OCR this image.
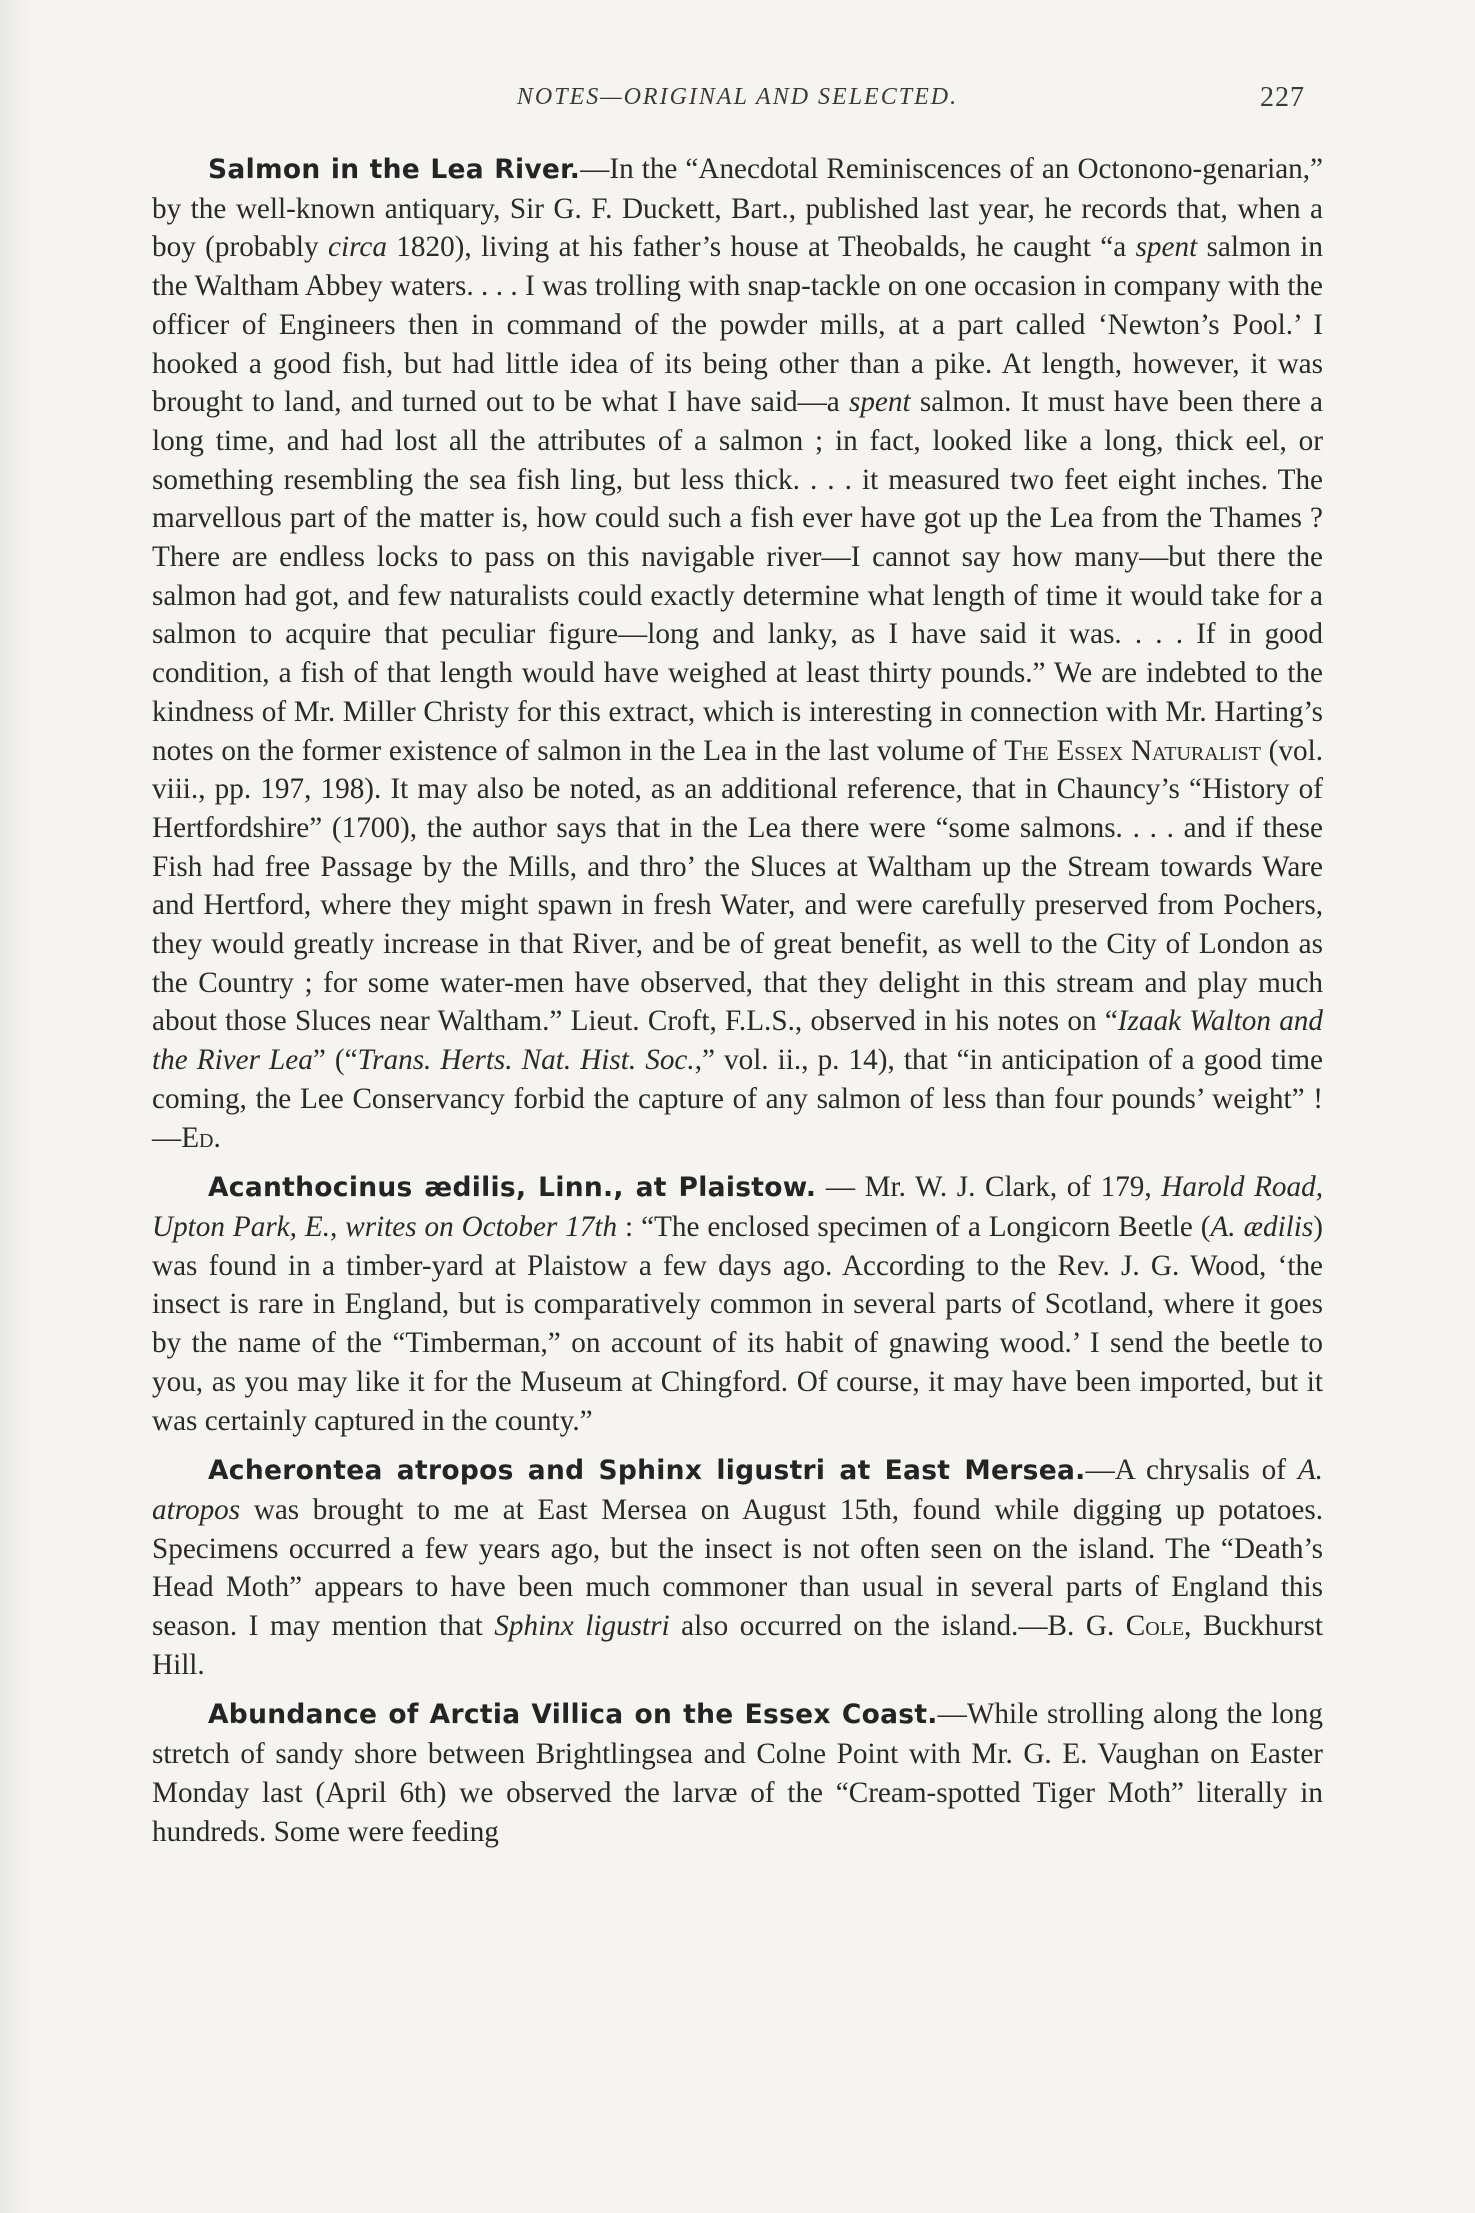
NOTES—ORIGINAL AND SELECTED.	227

Salmon in the Lea River.—In the “Anecdotal Reminiscences of an Octonono-genarian,” by the well-known antiquary, Sir G. F. Duckett, Bart., published last year, he records that, when a boy (probably circa 1820), living at his father’s house at Theobalds, he caught “a spent salmon in the Waltham Abbey waters. . . . I was trolling with snap-tackle on one occasion in company with the officer of Engineers then in command of the powder mills, at a part called ‘Newton’s Pool.’ I hooked a good fish, but had little idea of its being other than a pike. At length, however, it was brought to land, and turned out to be what I have said—a spent salmon. It must have been there a long time, and had lost all the attributes of a salmon ; in fact, looked like a long, thick eel, or something resembling the sea fish ling, but less thick. . . . it measured two feet eight inches. The marvellous part of the matter is, how could such a fish ever have got up the Lea from the Thames ? There are endless locks to pass on this navigable river—I cannot say how many—but there the salmon had got, and few naturalists could exactly determine what length of time it would take for a salmon to acquire that peculiar figure—long and lanky, as I have said it was. . . . If in good condition, a fish of that length would have weighed at least thirty pounds.” We are indebted to the kindness of Mr. Miller Christy for this extract, which is interesting in connection with Mr. Harting’s notes on the former existence of salmon in the Lea in the last volume of The Essex Naturalist (vol. viii., pp. 197, 198). It may also be noted, as an additional reference, that in Chauncy’s “History of Hertfordshire” (1700), the author says that in the Lea there were “some salmons. . . . and if these Fish had free Passage by the Mills, and thro’ the Sluces at Waltham up the Stream towards Ware and Hertford, where they might spawn in fresh Water, and were carefully preserved from Pochers, they would greatly increase in that River, and be of great benefit, as well to the City of London as the Country ; for some water-men have observed, that they delight in this stream and play much about those Sluces near Waltham.” Lieut. Croft, F.L.S., observed in his notes on “Izaak Walton and the River Lea” (“Trans. Herts. Nat. Hist. Soc.,” vol. ii., p. 14), that “in anticipation of a good time coming, the Lee Conservancy forbid the capture of any salmon of less than four pounds’ weight” !—Ed.

Acanthocinus ædilis, Linn., at Plaistow. — Mr. W. J. Clark, of 179, Harold Road, Upton Park, E., writes on October 17th : “The enclosed specimen of a Longicorn Beetle (A. ædilis) was found in a timber-yard at Plaistow a few days ago. According to the Rev. J. G. Wood, ‘the insect is rare in England, but is comparatively common in several parts of Scotland, where it goes by the name of the “Timberman,” on account of its habit of gnawing wood.’ I send the beetle to you, as you may like it for the Museum at Chingford. Of course, it may have been imported, but it was certainly captured in the county.”

Acherontea atropos and Sphinx ligustri at East Mersea.—A chrysalis of A. atropos was brought to me at East Mersea on August 15th, found while digging up potatoes. Specimens occurred a few years ago, but the insect is not often seen on the island. The “Death’s Head Moth” appears to have been much commoner than usual in several parts of England this season. I may mention that Sphinx ligustri also occurred on the island.—B. G. Cole, Buckhurst Hill.

Abundance of Arctia Villica on the Essex Coast.—While strolling along the long stretch of sandy shore between Brightlingsea and Colne Point with Mr. G. E. Vaughan on Easter Monday last (April 6th) we observed the larvæ of the “Cream-spotted Tiger Moth” literally in hundreds. Some were feeding
